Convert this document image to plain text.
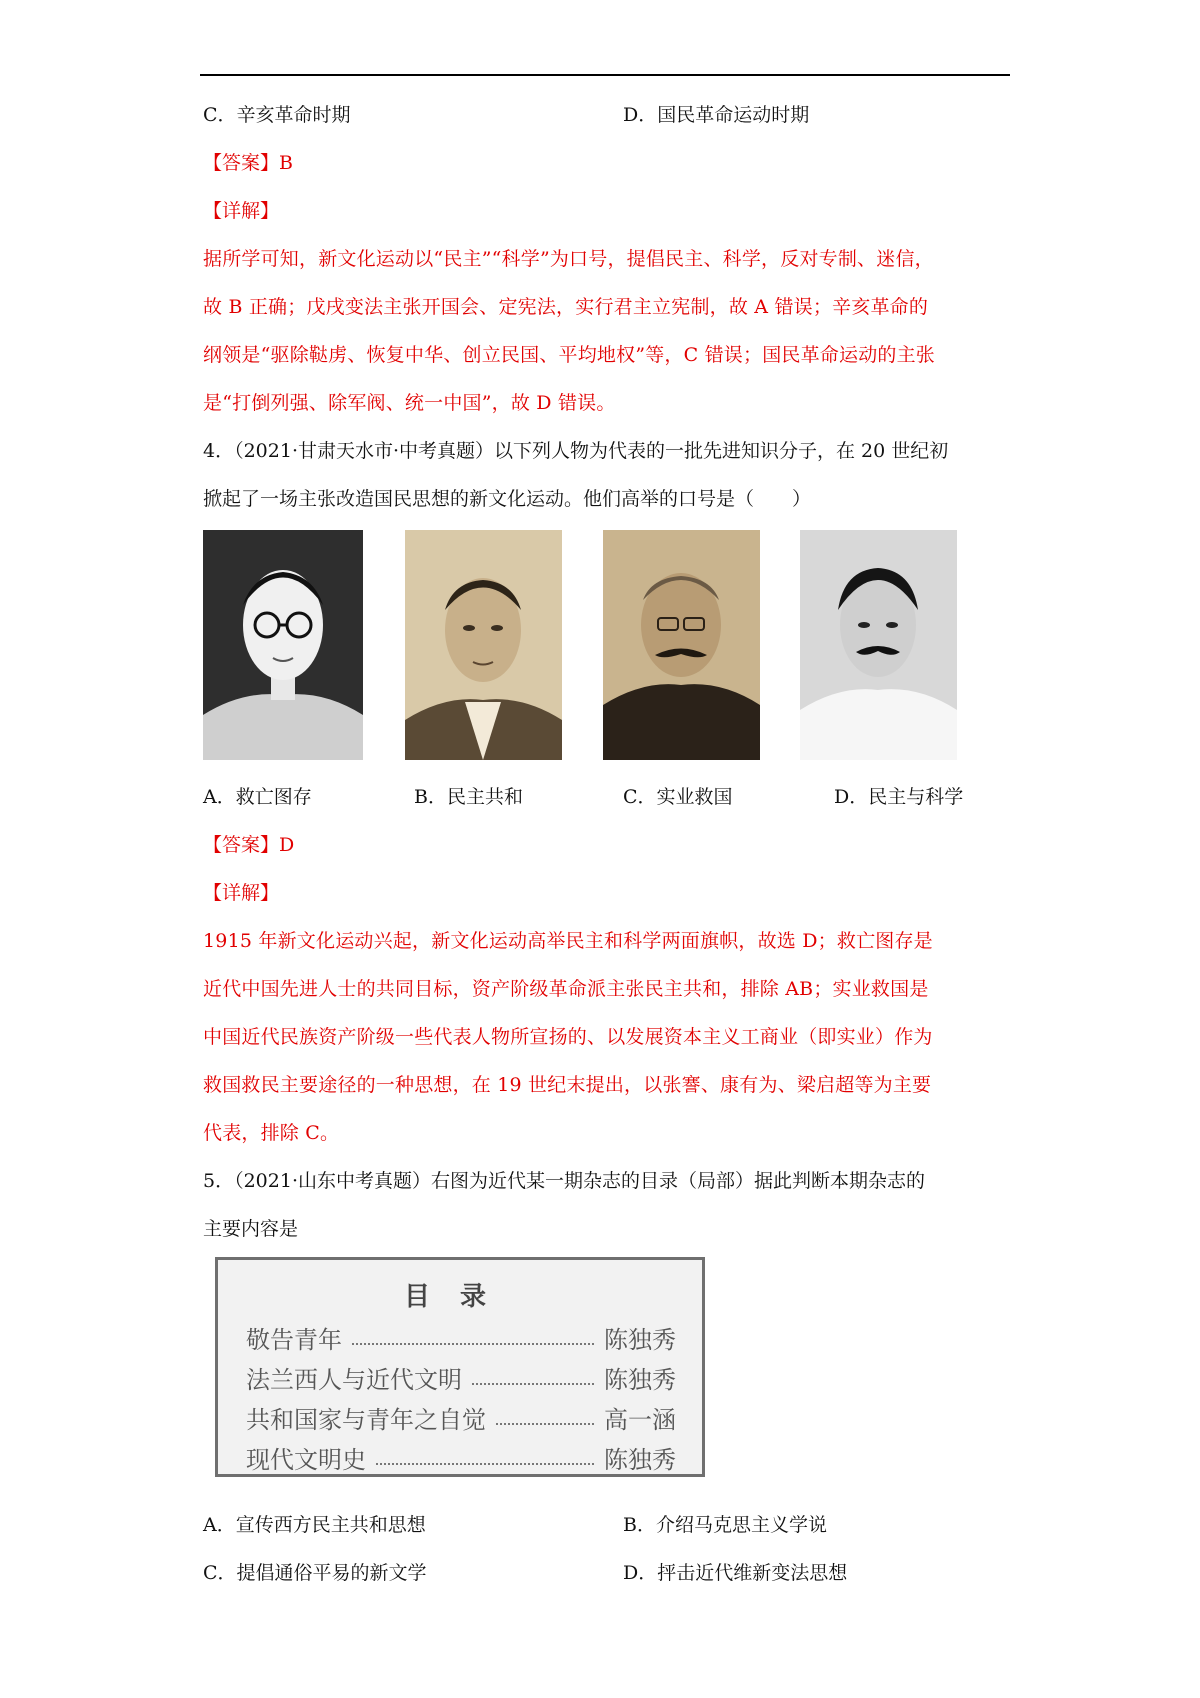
C．辛亥革命时期	D．国民革命运动时期
【答案】B
【详解】
据所学可知，新文化运动以“民主”“科学”为口号，提倡民主、科学，反对专制、迷信，
故 B 正确；戊戌变法主张开国会、定宪法，实行君主立宪制，故 A 错误；辛亥革命的
纲领是“驱除鞑虏、恢复中华、创立民国、平均地权”等，C 错误；国民革命运动的主张
是“打倒列强、除军阀、统一中国”，故 D 错误。
4．（2021·甘肃天水市·中考真题）以下列人物为代表的一批先进知识分子，在 20 世纪初
掀起了一场主张改造国民思想的新文化运动。他们高举的口号是（　　）
A．救亡图存	B．民主共和	C．实业救国	D．民主与科学
【答案】D
【详解】
1915 年新文化运动兴起，新文化运动高举民主和科学两面旗帜，故选 D；救亡图存是
近代中国先进人士的共同目标，资产阶级革命派主张民主共和，排除 AB；实业救国是
中国近代民族资产阶级一些代表人物所宣扬的、以发展资本主义工商业（即实业）作为
救国救民主要途径的一种思想，在 19 世纪末提出，以张謇、康有为、梁启超等为主要
代表，排除 C。
5．（2021·山东中考真题）右图为近代某一期杂志的目录（局部）据此判断本期杂志的
主要内容是
目录
敬告青年	陈独秀
法兰西人与近代文明	陈独秀
共和国家与青年之自觉	高一涵
现代文明史	陈独秀
A．宣传西方民主共和思想	B．介绍马克思主义学说
C．提倡通俗平易的新文学	D．抨击近代维新变法思想
